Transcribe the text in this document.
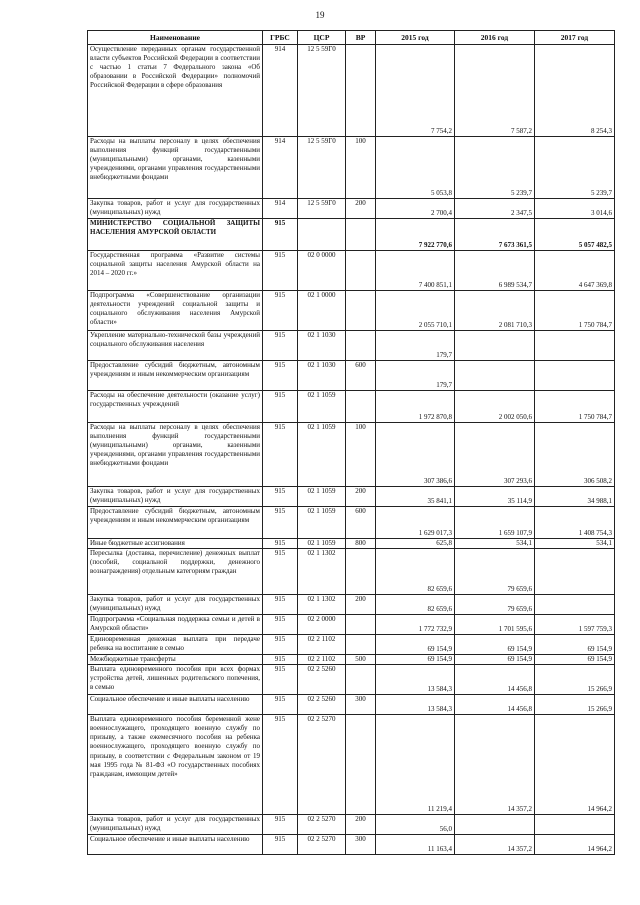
19
Наименование	ГРБС	ЦСР	ВР	2015 год	2016 год	2017 год
Осуществление переданных органам государственной власти субъектов Российской Федерации в соответствии с частью 1 статьи 7 Федерального закона «Об образовании в Российской Федерации» полномочий Российской Федерации в сфере образования	914	12 5 59Г0		7 754,2	7 587,2	8 254,3
Расходы на выплаты персоналу в целях обеспечения выполнения функций государственными (муниципальными) органами, казенными учреждениями, органами управления государственными внебюджетными фондами	914	12 5 59Г0	100	5 053,8	5 239,7	5 239,7
Закупка товаров, работ и услуг для государственных (муниципальных) нужд	914	12 5 59Г0	200	2 700,4	2 347,5	3 014,6
МИНИСТЕРСТВО СОЦИАЛЬНОЙ ЗАЩИТЫ НАСЕЛЕНИЯ АМУРСКОЙ ОБЛАСТИ	915			7 922 770,6	7 673 361,5	5 057 482,5
Государственная программа «Развитие системы социальной защиты населения Амурской области на 2014 – 2020 гг.»	915	02 0 0000		7 400 851,1	6 989 534,7	4 647 369,8
Подпрограмма «Совершенствование организации деятельности учреждений социальной защиты и социального обслуживания населения Амурской области»	915	02 1 0000		2 055 710,1	2 081 710,3	1 750 784,7
Укрепление материально-технической базы учреждений социального обслуживания населения	915	02 1 1030		179,7		
Предоставление субсидий бюджетным, автономным учреждениям и иным некоммерческим организациям	915	02 1 1030	600	179,7		
Расходы на обеспечение деятельности (оказание услуг) государственных учреждений	915	02 1 1059		1 972 870,8	2 002 050,6	1 750 784,7
Расходы на выплаты персоналу в целях обеспечения выполнения функций государственными (муниципальными) органами, казенными учреждениями, органами управления государственными внебюджетными фондами	915	02 1 1059	100	307 386,6	307 293,6	306 508,2
Закупка товаров, работ и услуг для государственных (муниципальных) нужд	915	02 1 1059	200	35 841,1	35 114,9	34 988,1
Предоставление субсидий бюджетным, автономным учреждениям и иным некоммерческим организациям	915	02 1 1059	600	1 629 017,3	1 659 107,9	1 408 754,3
Иные бюджетные ассигнования	915	02 1 1059	800	625,8	534,1	534,1
Пересылка (доставка, перечисление) денежных выплат (пособий, социальной поддержки, денежного вознаграждения) отдельным категориям граждан	915	02 1 1302		82 659,6	79 659,6	
Закупка товаров, работ и услуг для государственных (муниципальных) нужд	915	02 1 1302	200	82 659,6	79 659,6	
Подпрограмма «Социальная поддержка семьи и детей в Амурской области»	915	02 2 0000		1 772 732,9	1 701 595,6	1 597 759,3
Единовременная денежная выплата при передаче ребенка на воспитание в семью	915	02 2 1102		69 154,9	69 154,9	69 154,9
Межбюджетные трансферты	915	02 2 1102	500	69 154,9	69 154,9	69 154,9
Выплата единовременного пособия при всех формах устройства детей, лишенных родительского попечения, в семью	915	02 2 5260		13 584,3	14 456,8	15 266,9
Социальное обеспечение и иные выплаты населению	915	02 2 5260	300	13 584,3	14 456,8	15 266,9
Выплата единовременного пособия беременной жене военнослужащего, проходящего военную службу по призыву, а также ежемесячного пособия на ребенка военнослужащего, проходящего военную службу по призыву, в соответствии с Федеральным законом от 19 мая 1995 года № 81-ФЗ «О государственных пособиях гражданам, имеющим детей»	915	02 2 5270		11 219,4	14 357,2	14 964,2
Закупка товаров, работ и услуг для государственных (муниципальных) нужд	915	02 2 5270	200	56,0		
Социальное обеспечение и иные выплаты населению	915	02 2 5270	300	11 163,4	14 357,2	14 964,2
